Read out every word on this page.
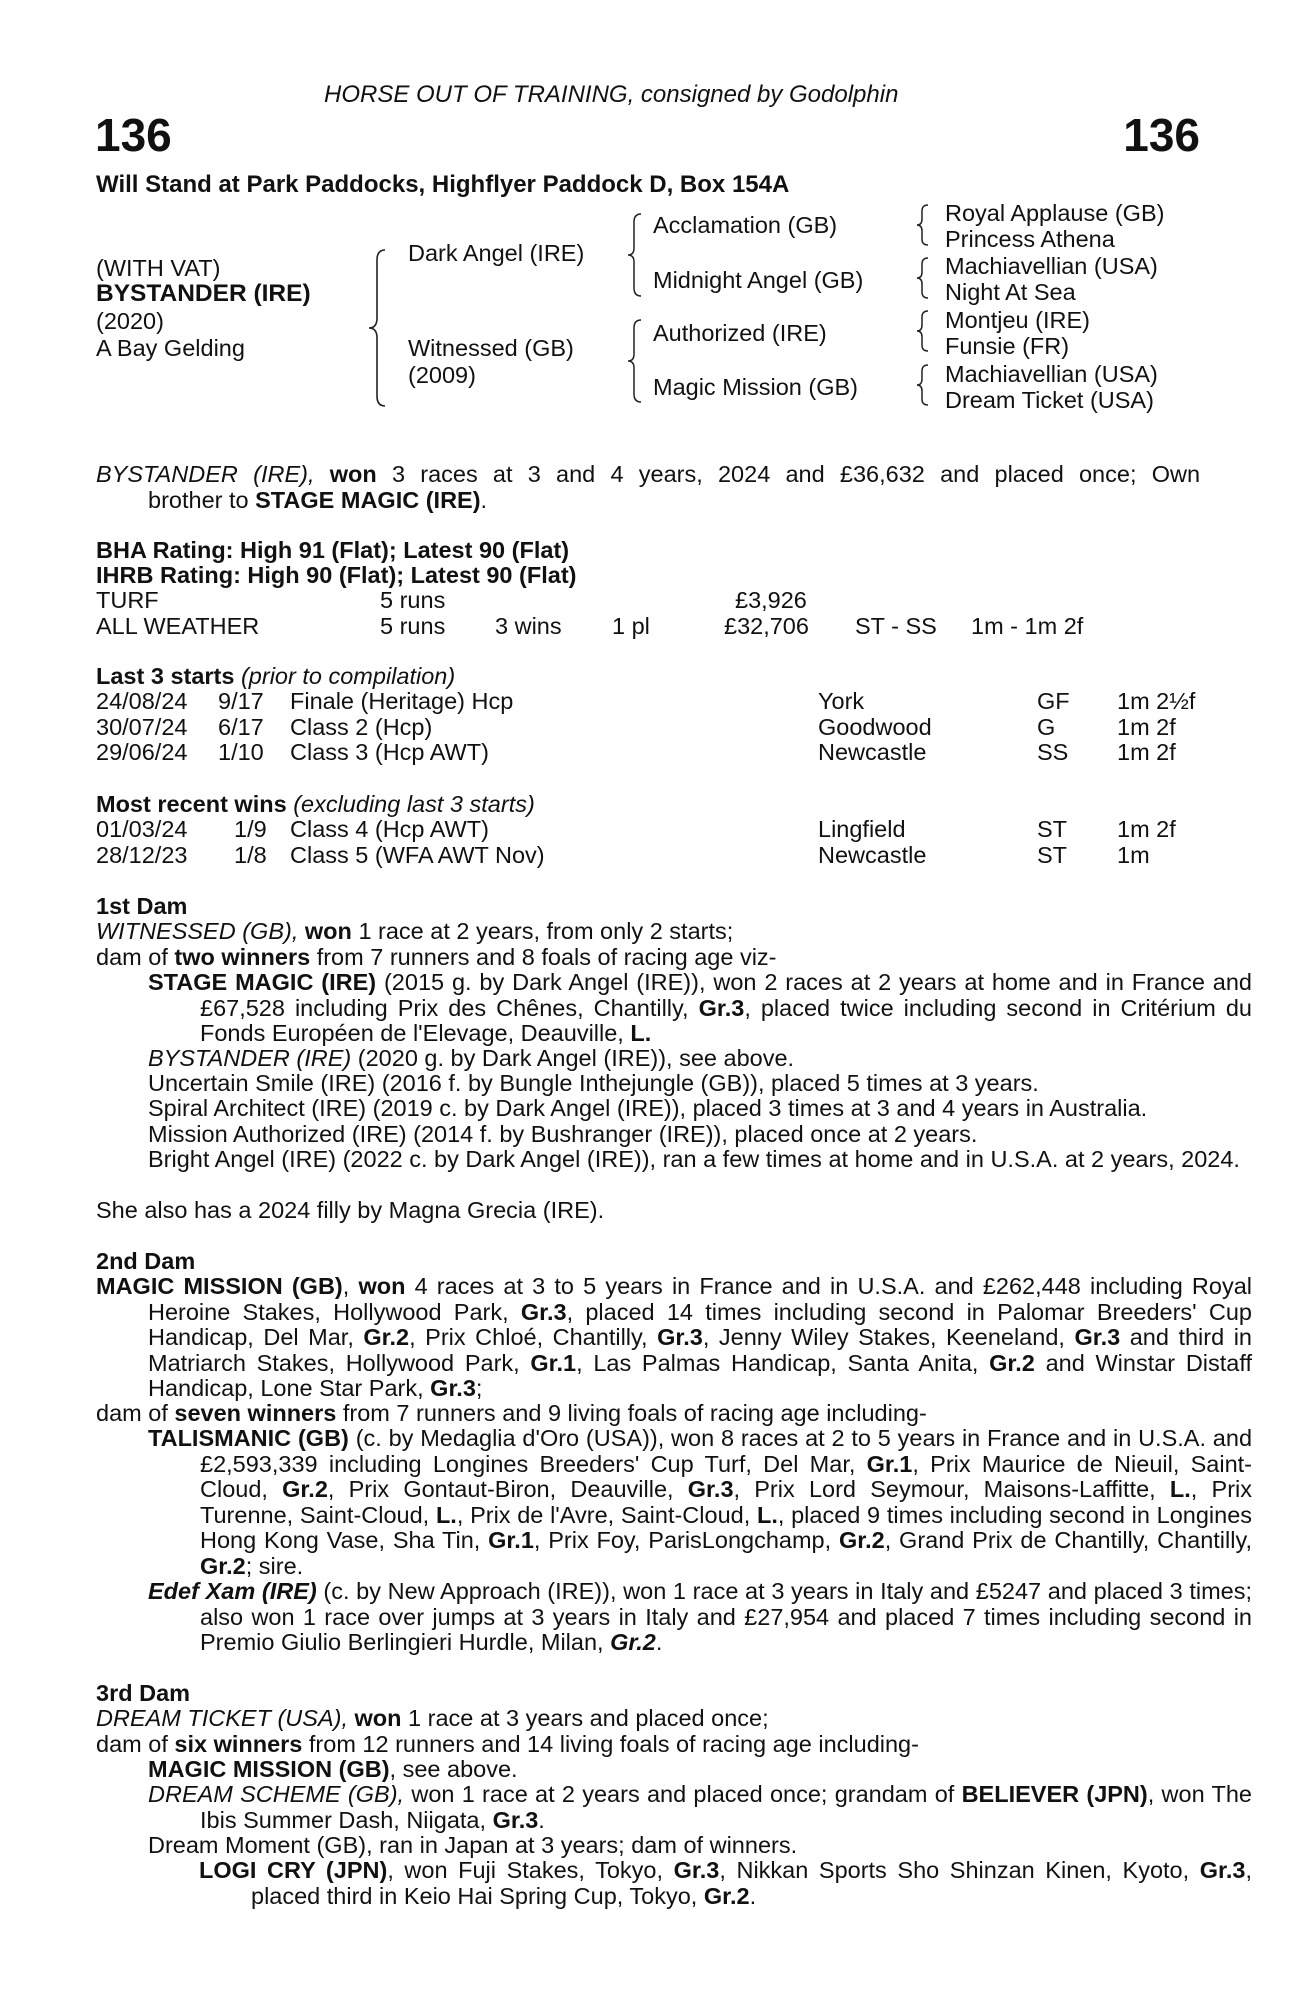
HORSE OUT OF TRAINING, consigned by Godolphin
136	136
Will Stand at Park Paddocks, Highflyer Paddock D, Box 154A
(WITH VAT)
BYSTANDER (IRE)
(2020)
A Bay Gelding
Dark Angel (IRE)
Witnessed (GB)
(2009)
Acclamation (GB)
Midnight Angel (GB)
Authorized (IRE)
Magic Mission (GB)
Royal Applause (GB)
Princess Athena
Machiavellian (USA)
Night At Sea
Montjeu (IRE)
Funsie (FR)
Machiavellian (USA)
Dream Ticket (USA)
BYSTANDER (IRE), won 3 races at 3 and 4 years, 2024 and £36,632 and placed once; Own
brother to STAGE MAGIC (IRE).
BHA Rating: High 91 (Flat); Latest 90 (Flat)
IHRB Rating: High 90 (Flat); Latest 90 (Flat)
TURF	5 runs	£3,926
ALL WEATHER	5 runs 3 wins 1 pl	£32,706 ST - SS 1m - 1m 2f
Last 3 starts (prior to compilation)
24/08/24 9/17 Finale (Heritage) Hcp	York	GF 1m 2½f
30/07/24 6/17 Class 2 (Hcp)	Goodwood	G	1m 2f
29/06/24 1/10 Class 3 (Hcp AWT)	Newcastle	SS 1m 2f
Most recent wins (excluding last 3 starts)
01/03/24 1/9 Class 4 (Hcp AWT)	Lingfield	ST 1m 2f
28/12/23 1/8 Class 5 (WFA AWT Nov)	Newcastle	ST 1m
1st Dam
WITNESSED (GB), won 1 race at 2 years, from only 2 starts;
dam of two winners from 7 runners and 8 foals of racing age viz-
STAGE MAGIC (IRE) (2015 g. by Dark Angel (IRE)), won 2 races at 2 years at home and in France and £67,528 including Prix des Chênes, Chantilly, Gr.3, placed twice including second in Critérium du Fonds Européen de l'Elevage, Deauville, L.
BYSTANDER (IRE) (2020 g. by Dark Angel (IRE)), see above.
Uncertain Smile (IRE) (2016 f. by Bungle Inthejungle (GB)), placed 5 times at 3 years.
Spiral Architect (IRE) (2019 c. by Dark Angel (IRE)), placed 3 times at 3 and 4 years in Australia.
Mission Authorized (IRE) (2014 f. by Bushranger (IRE)), placed once at 2 years.
Bright Angel (IRE) (2022 c. by Dark Angel (IRE)), ran a few times at home and in U.S.A. at 2 years, 2024.
She also has a 2024 filly by Magna Grecia (IRE).
2nd Dam
MAGIC MISSION (GB), won 4 races at 3 to 5 years in France and in U.S.A. and £262,448 including Royal Heroine Stakes, Hollywood Park, Gr.3, placed 14 times including second in Palomar Breeders' Cup Handicap, Del Mar, Gr.2, Prix Chloé, Chantilly, Gr.3, Jenny Wiley Stakes, Keeneland, Gr.3 and third in Matriarch Stakes, Hollywood Park, Gr.1, Las Palmas Handicap, Santa Anita, Gr.2 and Winstar Distaff Handicap, Lone Star Park, Gr.3;
dam of seven winners from 7 runners and 9 living foals of racing age including-
TALISMANIC (GB) (c. by Medaglia d'Oro (USA)), won 8 races at 2 to 5 years in France and in U.S.A. and £2,593,339 including Longines Breeders' Cup Turf, Del Mar, Gr.1, Prix Maurice de Nieuil, Saint-Cloud, Gr.2, Prix Gontaut-Biron, Deauville, Gr.3, Prix Lord Seymour, Maisons-Laffitte, L., Prix Turenne, Saint-Cloud, L., Prix de l'Avre, Saint-Cloud, L., placed 9 times including second in Longines Hong Kong Vase, Sha Tin, Gr.1, Prix Foy, ParisLongchamp, Gr.2, Grand Prix de Chantilly, Chantilly, Gr.2; sire.
Edef Xam (IRE) (c. by New Approach (IRE)), won 1 race at 3 years in Italy and £5247 and placed 3 times; also won 1 race over jumps at 3 years in Italy and £27,954 and placed 7 times including second in Premio Giulio Berlingieri Hurdle, Milan, Gr.2.
3rd Dam
DREAM TICKET (USA), won 1 race at 3 years and placed once;
dam of six winners from 12 runners and 14 living foals of racing age including-
MAGIC MISSION (GB), see above.
DREAM SCHEME (GB), won 1 race at 2 years and placed once; grandam of BELIEVER (JPN), won The Ibis Summer Dash, Niigata, Gr.3.
Dream Moment (GB), ran in Japan at 3 years; dam of winners.
LOGI CRY (JPN), won Fuji Stakes, Tokyo, Gr.3, Nikkan Sports Sho Shinzan Kinen, Kyoto, Gr.3, placed third in Keio Hai Spring Cup, Tokyo, Gr.2.
